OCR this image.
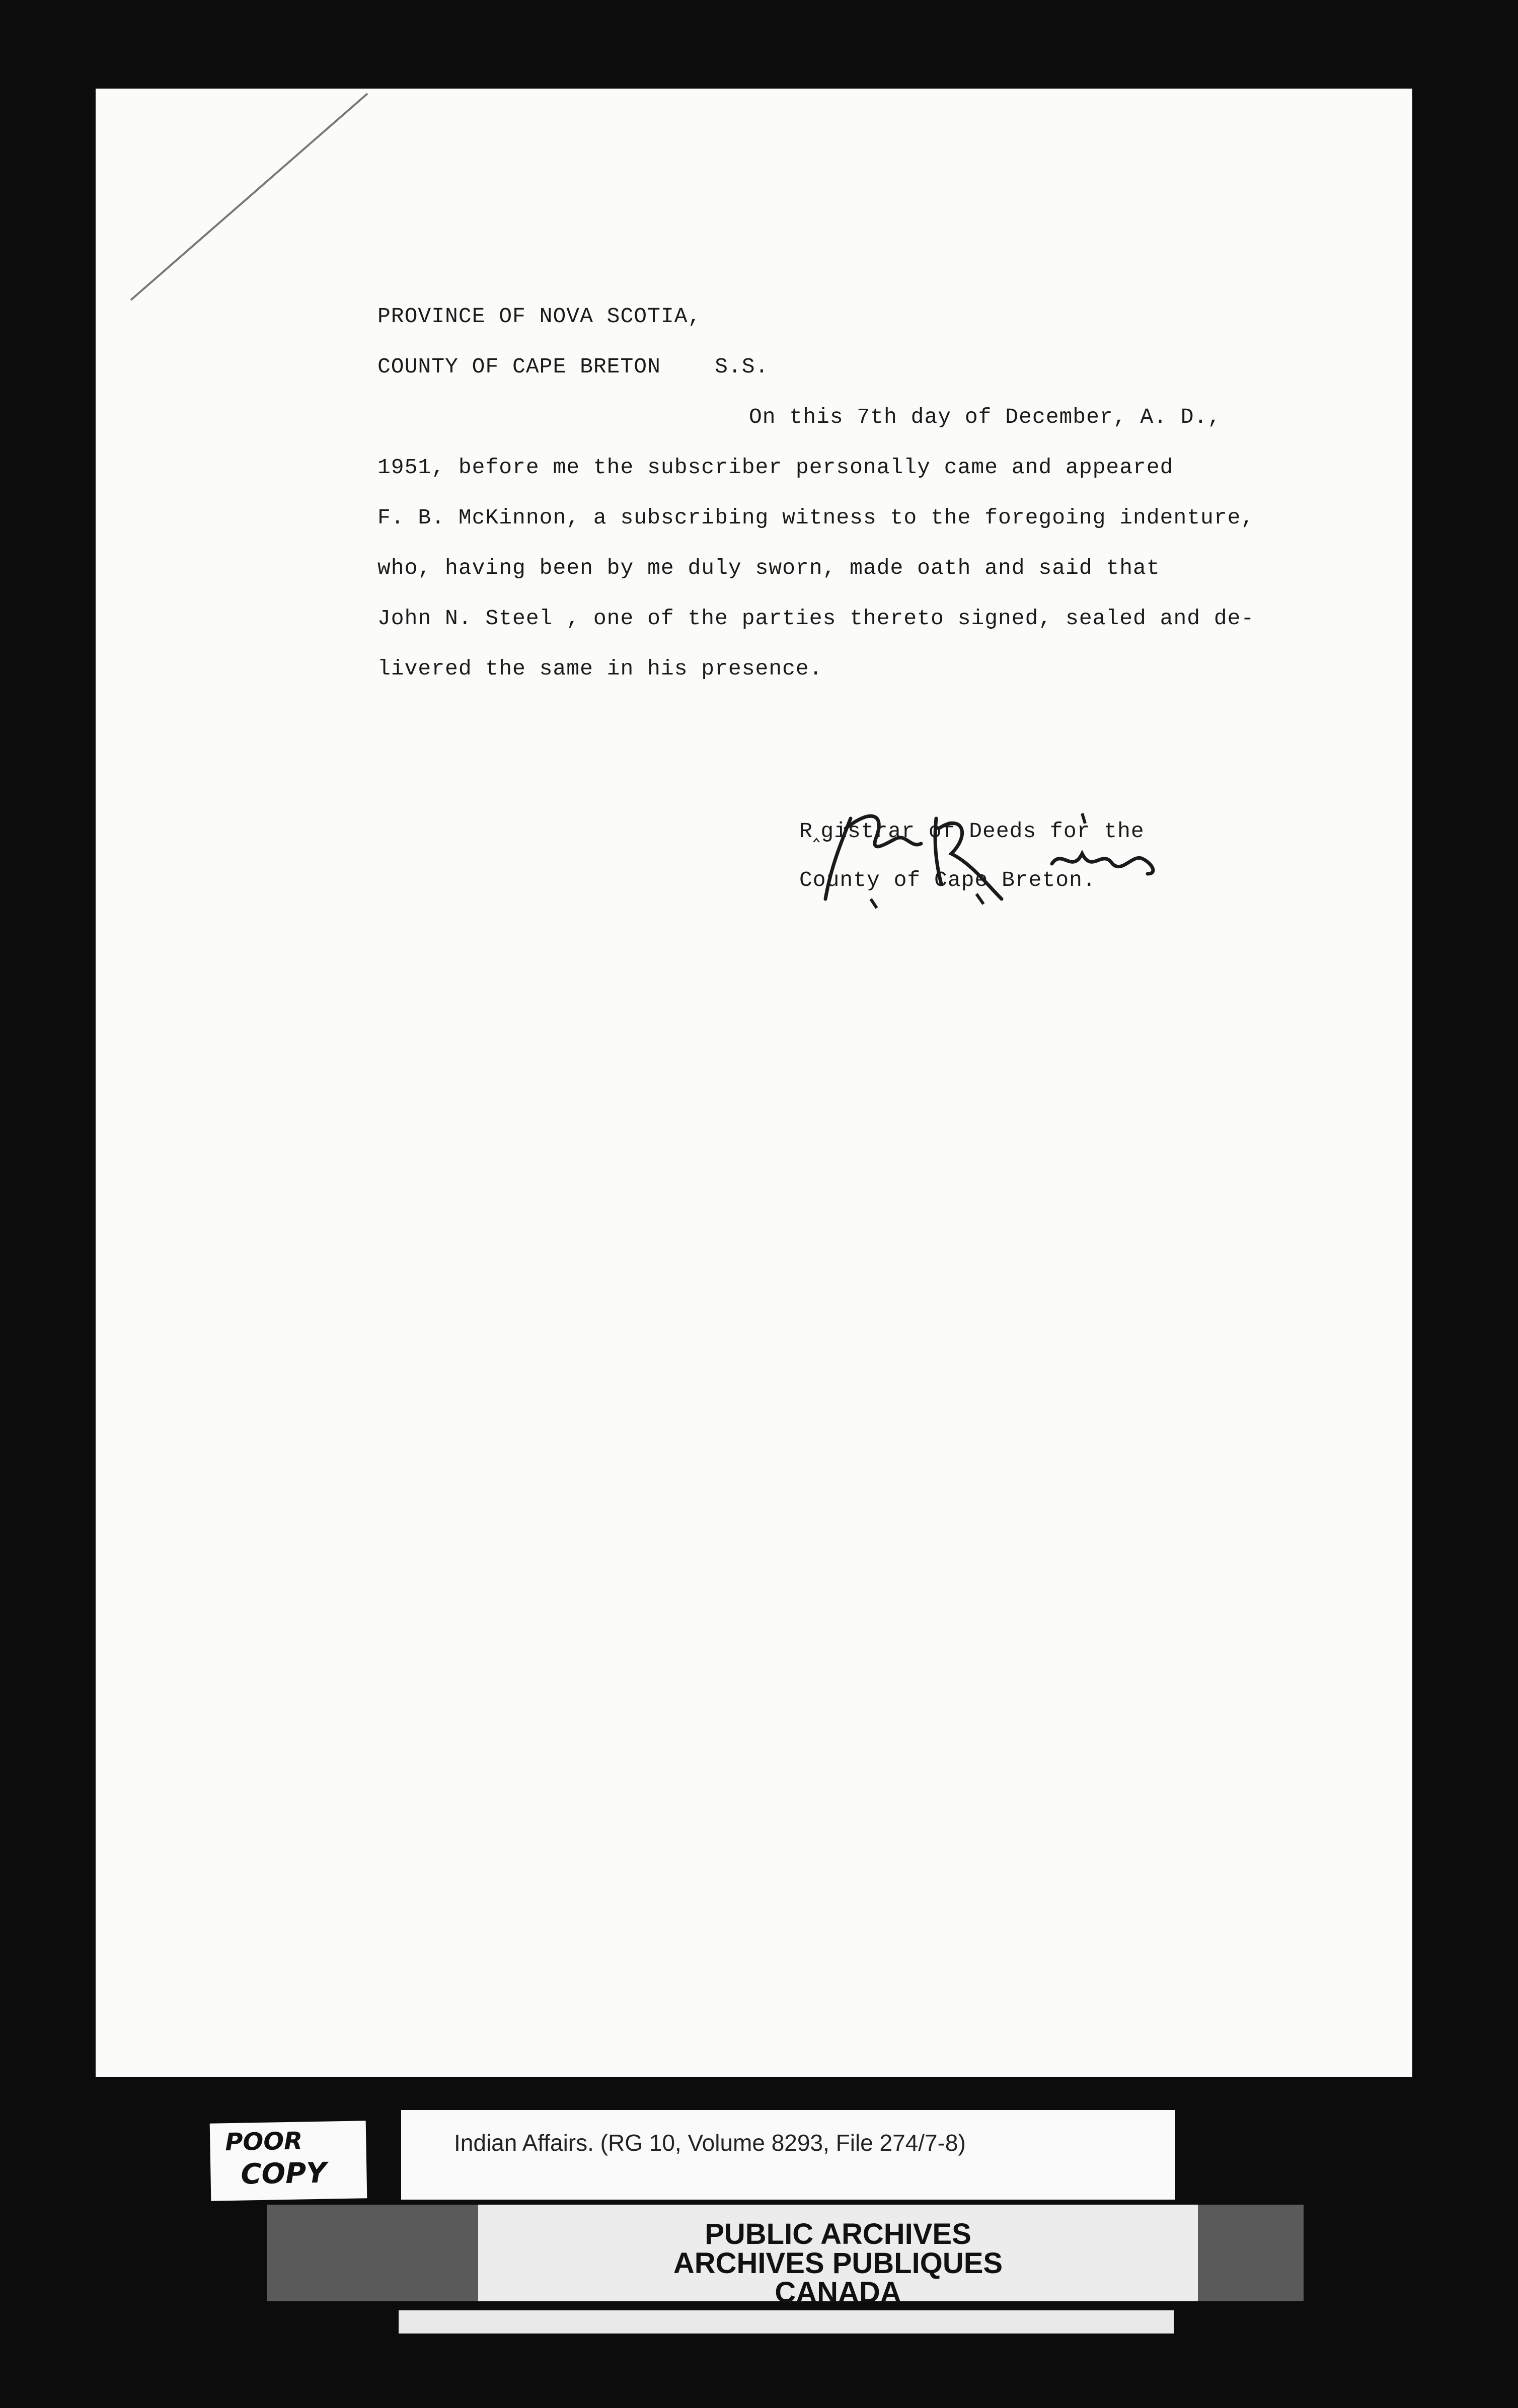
PROVINCE OF NOVA SCOTIA,
COUNTY OF CAPE BRETON    S.S.
On this 7th day of December, A. D.,
1951, before me the subscriber personally came and appeared
F. B. McKinnon, a subscribing witness to the foregoing indenture,
who, having been by me duly sworn, made oath and said that
John N. Steel , one of the parties thereto signed, sealed and de-
livered the same in his presence.
R‸gistrar of Deeds for the
County of Cape Breton.
POOR
COPY
Indian Affairs. (RG 10, Volume 8293, File 274/7-8)
PUBLIC ARCHIVES
ARCHIVES PUBLIQUES
CANADA
